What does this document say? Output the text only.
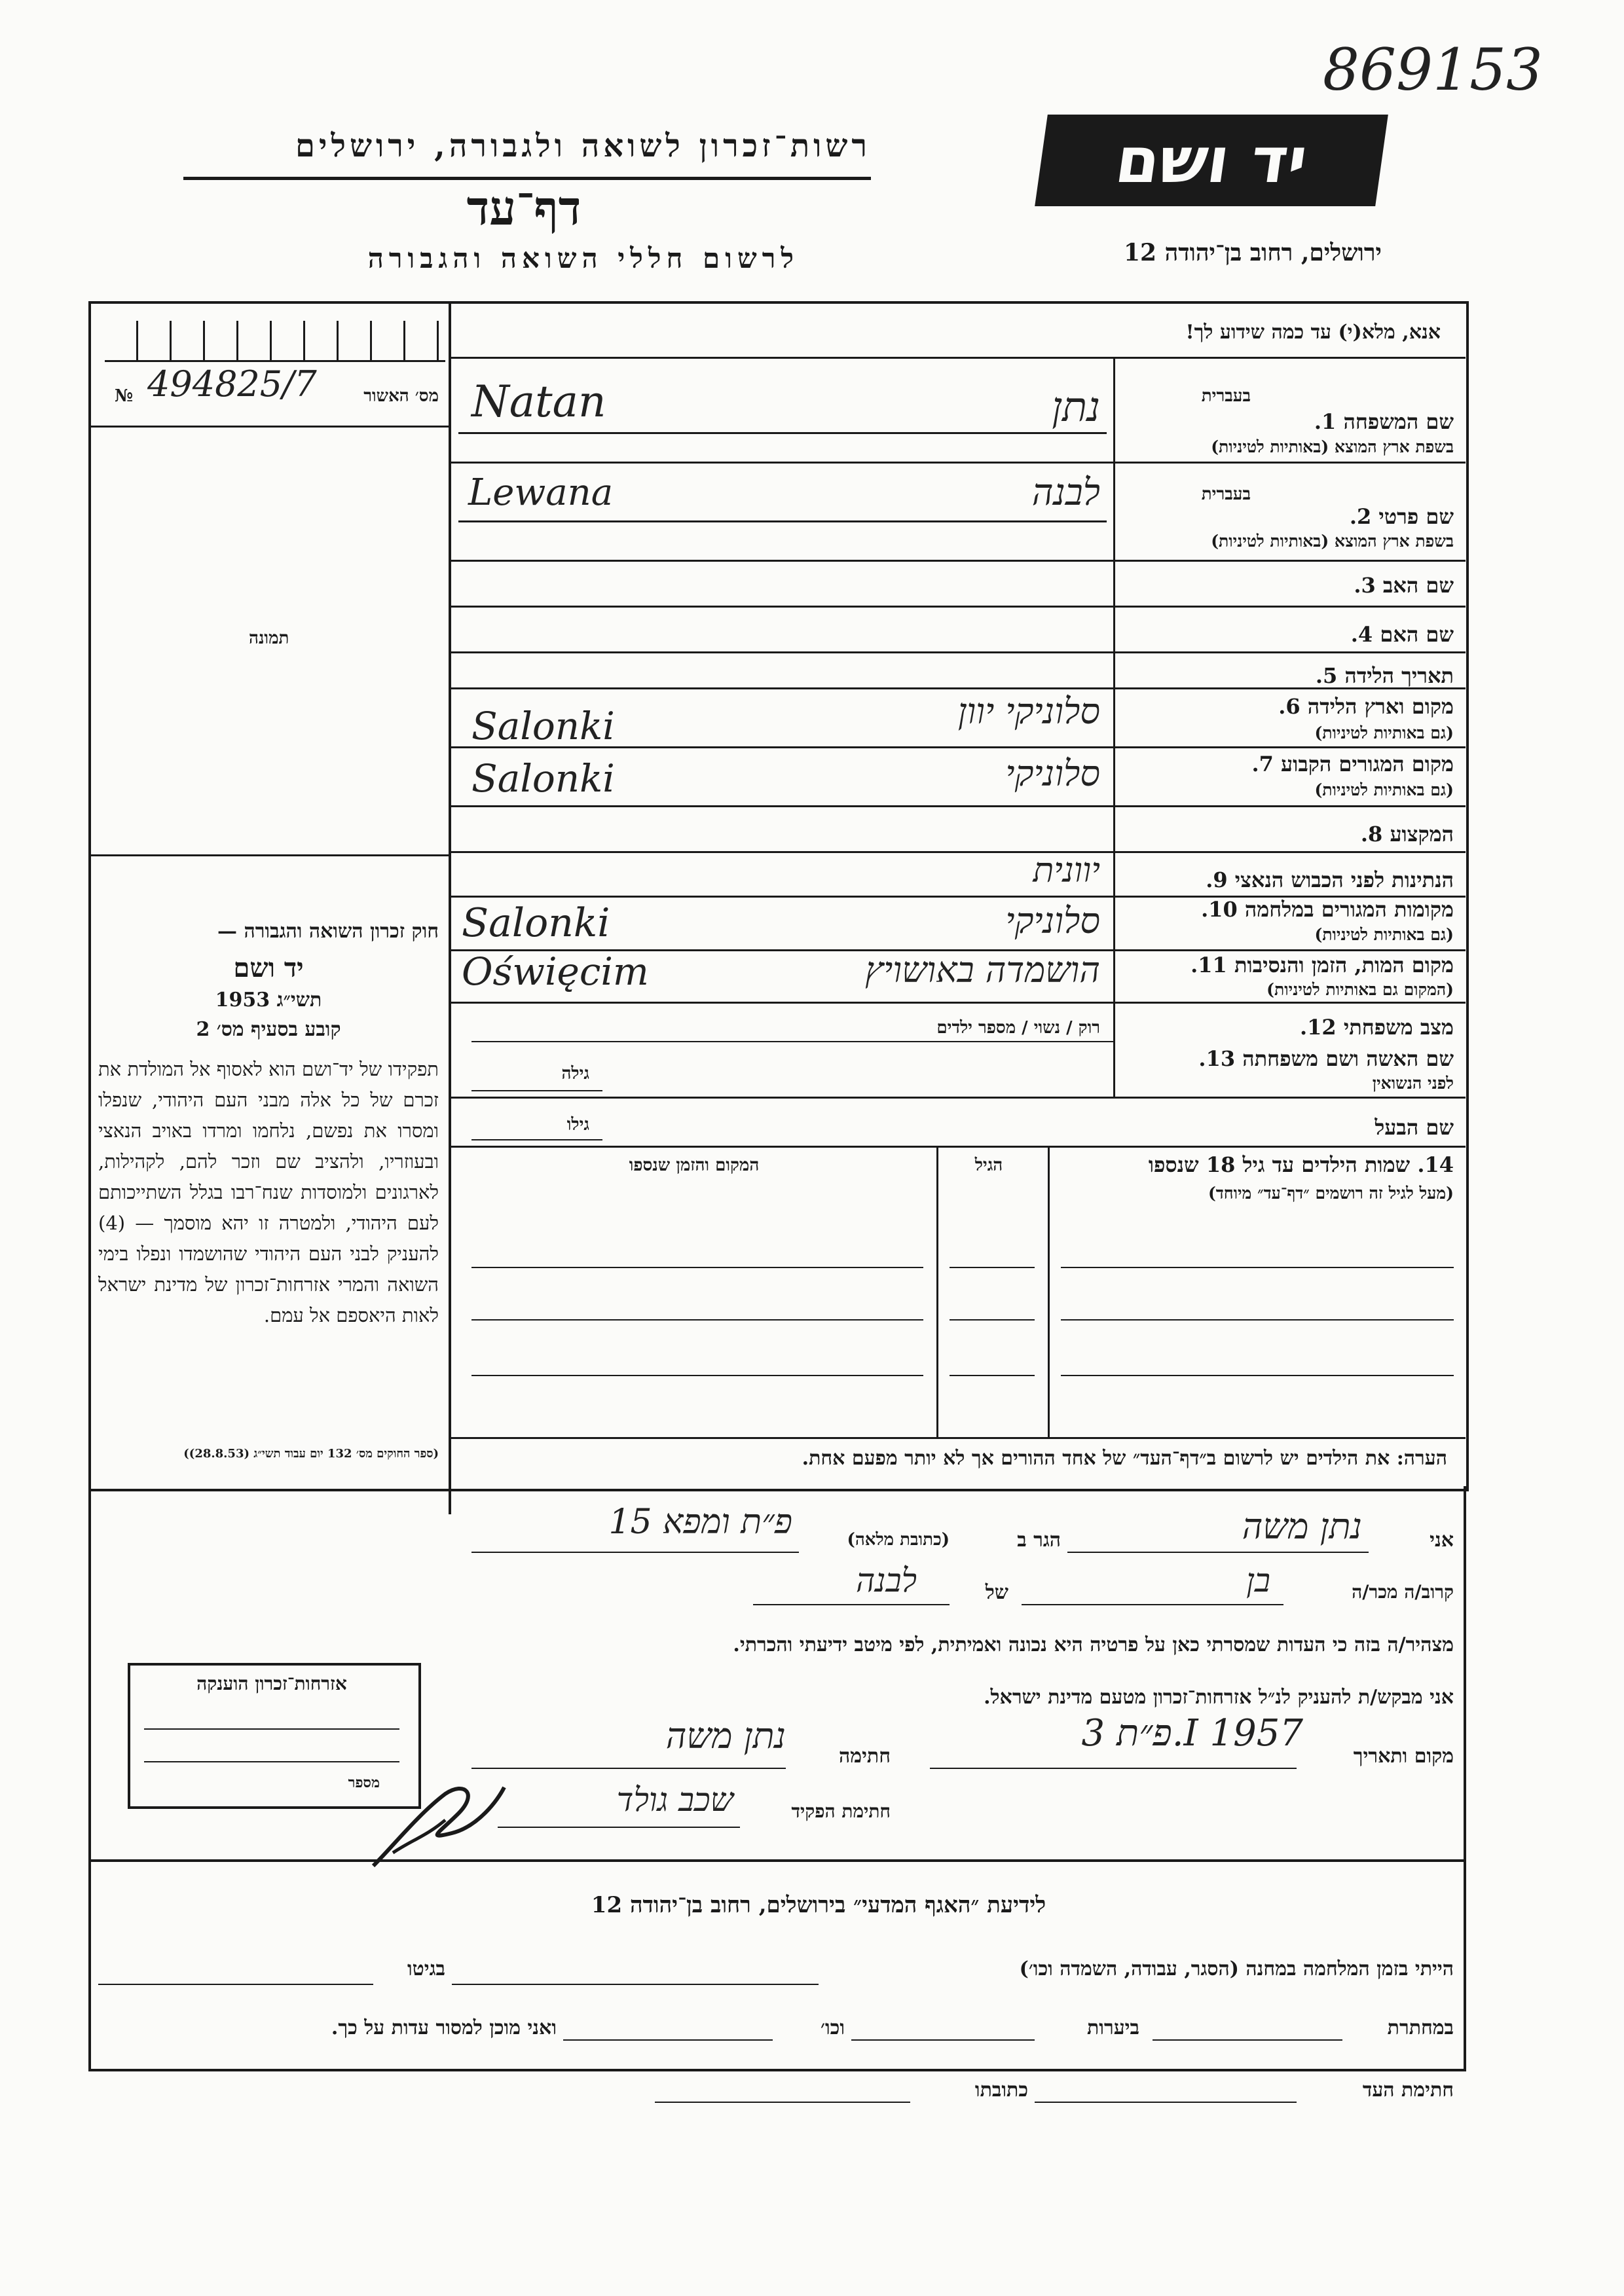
869153
רשות־זכרון לשואה ולגבורה, ירושלים
דף־עד
לרשום חללי השואה והגבורה
יד ושם
ירושלים, רחוב בן־יהודה 12
מס׳ האשור
№ 494825/7
תמונה
חוק זכרון השואה והגבורה —
יד ושם
1953 תשי״ג
קובע בסעיף מס׳ 2
תפקידו של יד־ושם הוא לאסוף אל המולדת את זכרם של כל אלה מבני העם היהודי, שנפלו ומסרו את נפשם, נלחמו ומרדו באויב הנאצי ובעוזריו, ולהציב שם וזכר להם, לקהילות, לארגונים ולמוסדות שנח־רבו בגלל השתייכותם לעם היהודי, ולמטרה זו יהא מוסמך — (4) להעניק לבני העם היהודי שהושמדו ונפלו בימי השואה והמרי אזרחות־זכרון של מדינת ישראל לאות היאספם אל עמם.
(ספר החוקים מס׳ 132 יום עבוד תשי״ג (28.8.53))
אנא, מלא(י) עד כמה שידוע לך!
שם המשפחה 1.
בשפת ארץ המוצא (באותיות לטיניות)
בעברית
Natan	נתן
בעברית
שם פרטי 2.
בשפת ארץ המוצא (באותיות לטיניות)
Lewana	לבנה
שם האב 3.
שם האם 4.
תאריך הלידה 5.
מקום וארץ הלידה 6.
(גם באותיות לטיניות)
Salonki	סלוניקי יוון
מקום המגורים הקבוע 7.
(גם באותיות לטיניות)
Salonki	סלוניקי
המקצוע 8.
הנתינות לפני הכבוש הנאצי 9.
יוונית
מקומות המגורים במלחמה 10.
(גם באותיות לטיניות)
Salonki	סלוניקי
מקום המות, הזמן והנסיבות 11.
(המקום גם באותיות לטיניות)
Oświęcim	הושמדה באושויץ
מצב משפחתי 12.
רוק / נשוי / מספר ילדים
שם האשה ושם משפחתה 13.
לפני הנשואין
גילה
שם הבעל
גילו
14. שמות הילדים עד גיל 18 שנספו
(מעל לגיל זה רושמים ״דף־עד״ מיוחד)
הגיל
המקום והזמן שנספו
הערה: את הילדים יש לרשום ב״דף־העד״ של אחד ההורים אך לא יותר מפעם אחת.
אני
נתן משה
הגר ב
(כתובת מלאה)
פ״ת ומפא 15
קרוב/ה מכר/ה
בן
של
לבנה
מצהיר/ה בזה כי העדות שמסרתי כאן על פרטיה היא נכונה ואמיתית, לפי מיטב ידיעתי והכרתי.
אני מבקש/ת להעניק לנ״ל אזרחות־זכרון מטעם מדינת ישראל.
מקום ותאריך
פ״ת 3.I 1957
חתימה
נתן משה
חתימת הפקיד
שכב גולד
אזרחות־זכרון הוענקה
מספר
לידיעת ״האגף המדעי״ בירושלים, רחוב בן־יהודה 12
הייתי בזמן המלחמה במחנה (הסגר, עבודה, השמדה וכו׳)
בגיטו
במחתרת
ביערות
וכו׳
ואני מוכן למסור עדות על כך.
חתימת העד
כתובתו
